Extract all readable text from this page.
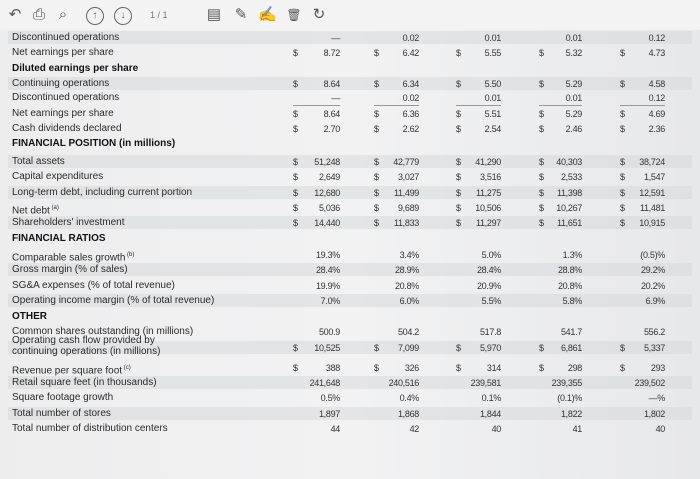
↶ ⎙ ⌕	↑	↓	1 / 1	▤ ✎ ✍ 🗑 ↻
Discontinued operations	—	0.02	0.01	0.01	0.12
Net earnings per share	$	8.72	$	6.42	$	5.55	$ 5.32	$	4.73
Diluted earnings per share
Continuing operations	$	8.64	$	6.34	$	5.50	$ 5.29	$	4.58
Discontinued operations	—	0.02	0.01	0.01	0.12
Net earnings per share	$	8.64	$	6.36	$	5.51	$ 5.29	$	4.69
Cash dividends declared	$	2.70	$	2.62	$	2.54	$ 2.46	$	2.36
FINANCIAL POSITION (in millions)
Total assets	$ 51,248	$ 42,779	$ 41,290	$ 40,303	$ 38,724
Capital expenditures	$ 2,649	$ 3,027	$ 3,516	$ 2,533	$ 1,547
Long-term debt, including current portion	$ 12,680	$ 11,499	$ 11,275	$ 11,398	$ 12,591
Net debt $^{(a)}$	$ 5,036	$ 9,689	$ 10,506	$ 10,267	$ 11,481
Shareholders' investment	$ 14,440	$ 11,833	$ 11,297	$ 11,651	$ 10,915
FINANCIAL RATIOS
Comparable sales growth $^{(b)}$	19.3%	3.4%	5.0%	1.3%	(0.5)%
Gross margin (% of sales)	28.4%	28.9%	28.4%	28.8%	29.2%
SG&A expenses (% of total revenue)	19.9%	20.8%	20.9%	20.8%	20.2%
Operating income margin (% of total revenue)	7.0%	6.0%	5.5%	5.8%	6.9%
OTHER
Common shares outstanding (in millions)	500.9	504.2	517.8	541.7	556.2
Operating cash flow provided by continuing operations (in millions)	$ 10,525	$ 7,099	$ 5,970	$ 6,861	$ 5,337
Revenue per square foot $^{(c)}$	$	388	$	326	$	314	$	298	$	293
Retail square feet (in thousands)	241,648	240,516	239,581	239,355	239,502
Square footage growth	0.5%	0.4%	0.1%	(0.1)%	—%
Total number of stores	1,897	1,868	1,844	1,822	1,802
Total number of distribution centers	44	42	40	41	40
